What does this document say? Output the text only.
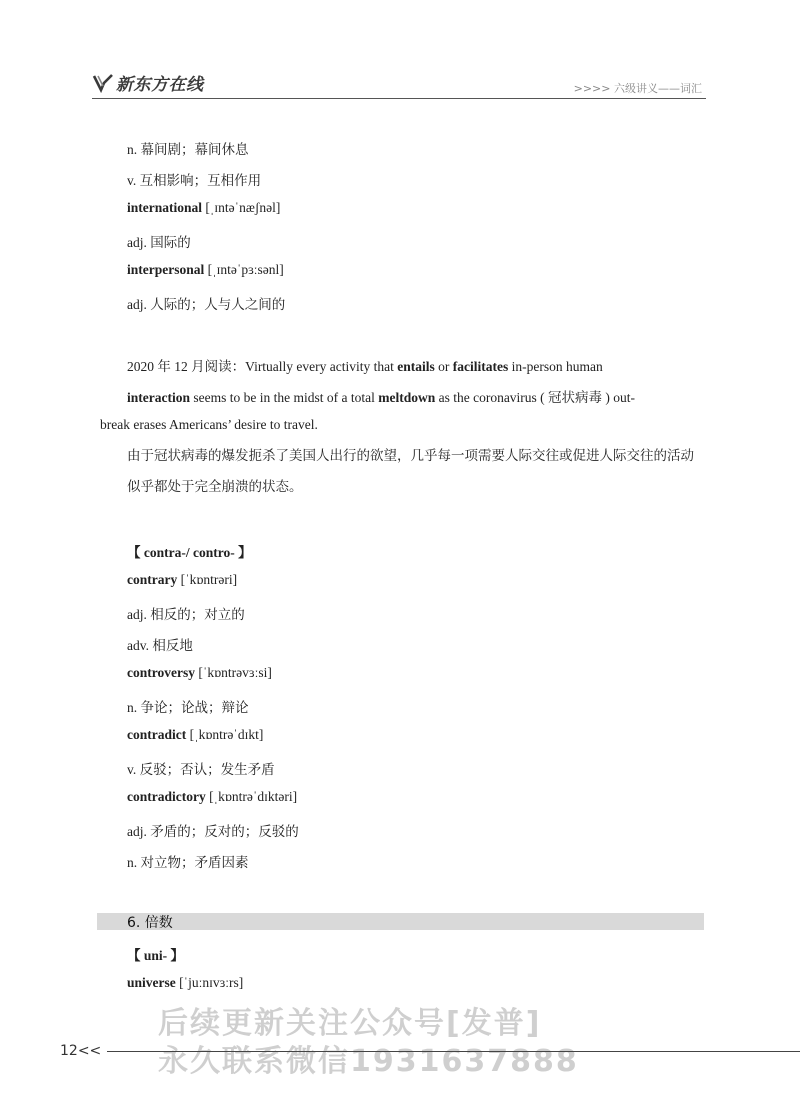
新东方在线	>>>> 六级讲义——词汇
n. 幕间剧；幕间休息
v. 互相影响；互相作用
international [ˌɪntəˈnæʃnəl]
adj. 国际的
interpersonal [ˌɪntəˈpɜːsənl]
adj. 人际的；人与人之间的
2020 年 12 月阅读：Virtually every activity that entails or facilitates in-person human
interaction seems to be in the midst of a total meltdown as the coronavirus ( 冠状病毒 ) out-
break erases Americans’ desire to travel.
由于冠状病毒的爆发扼杀了美国人出行的欲望，几乎每一项需要人际交往或促进人际交往的活动似乎都处于完全崩溃的状态。
【 contra-/ contro- 】
contrary [ˈkɒntrəri]
adj. 相反的；对立的
adv. 相反地
controversy [ˈkɒntrəvɜːsi]
n. 争论；论战；辩论
contradict [ˌkɒntrəˈdɪkt]
v. 反驳；否认；发生矛盾
contradictory [ˌkɒntrəˈdɪktəri]
adj. 矛盾的；反对的；反驳的
n. 对立物；矛盾因素
【 uni- 】
universe [ˈjuːnɪvɜːrs]
6. 倍数
后续更新关注公众号[发普]
永久联系微信1931637888
12<<
